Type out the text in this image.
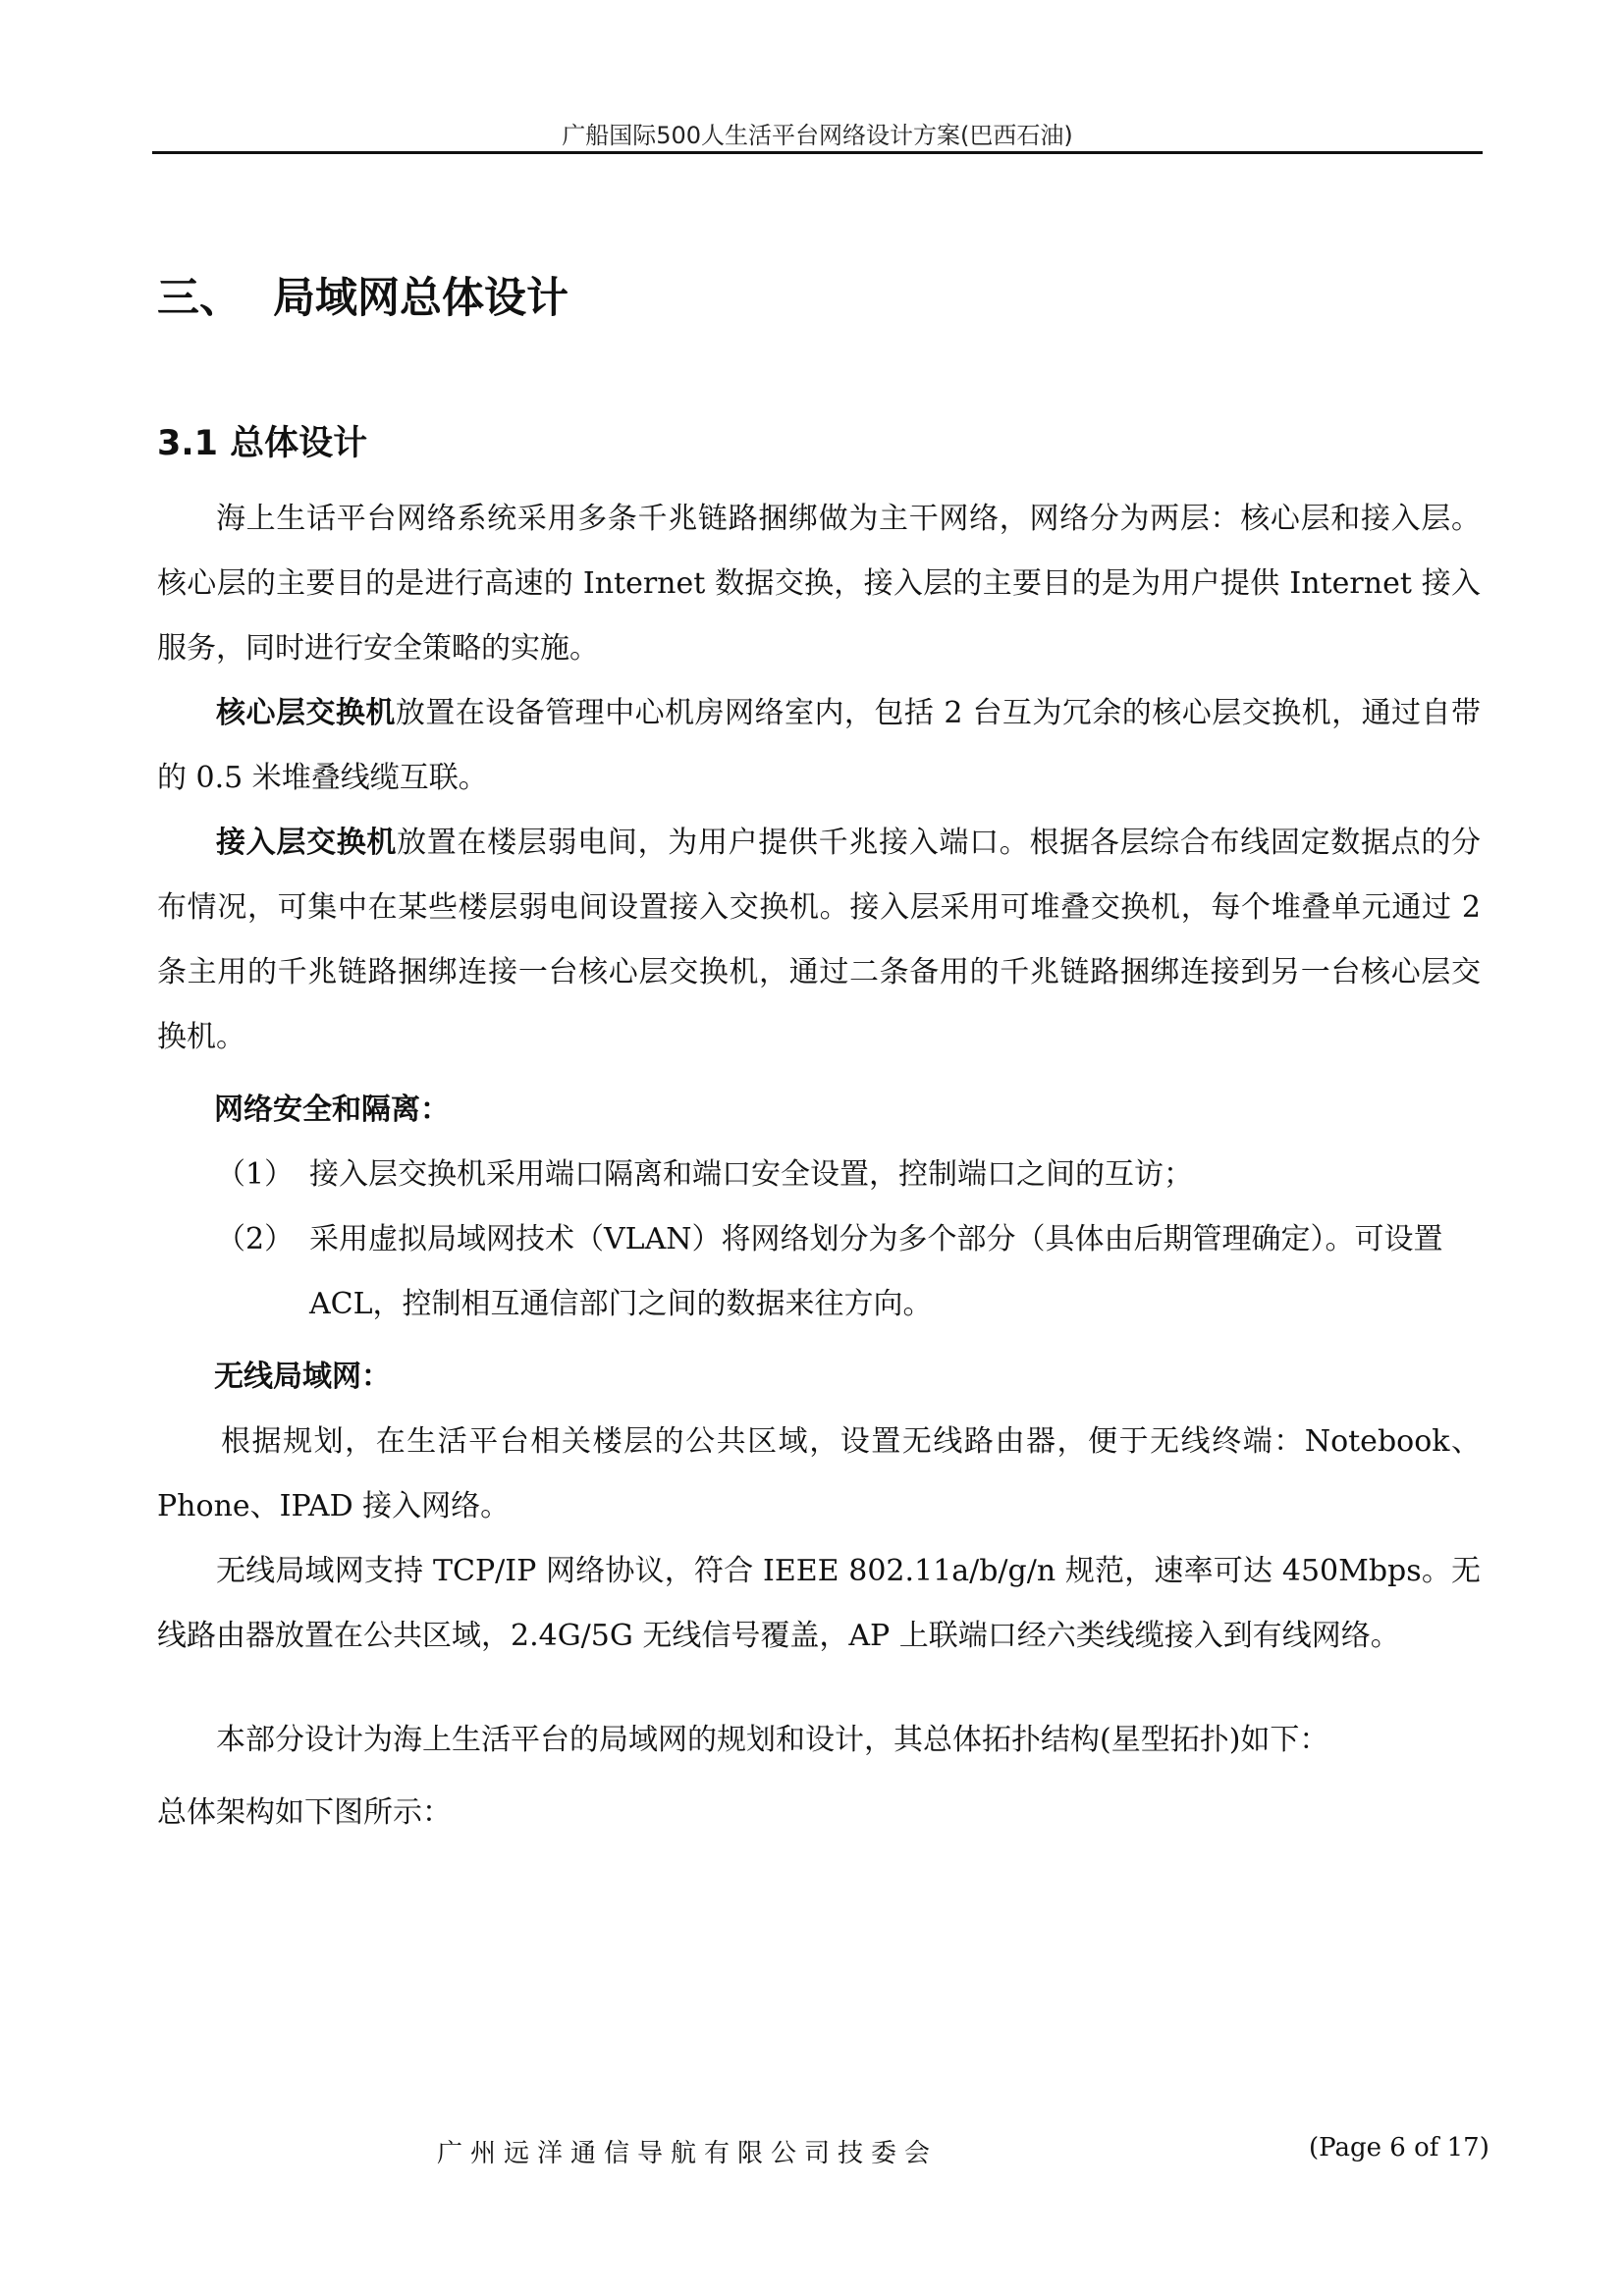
广船国际500人生活平台网络设计方案(巴西石油)
三、 局域网总体设计
3.1 总体设计

海上生话平台网络系统采用多条千兆链路捆绑做为主干网络，网络分为两层：核心层和接入层。核心层的主要目的是进行高速的 Internet 数据交换，接入层的主要目的是为用户提供 Internet 接入服务，同时进行安全策略的实施。

核心层交换机放置在设备管理中心机房网络室内，包括 2 台互为冗余的核心层交换机，通过自带的 0.5 米堆叠线缆互联。

接入层交换机放置在楼层弱电间，为用户提供千兆接入端口。根据各层综合布线固定数据点的分布情况，可集中在某些楼层弱电间设置接入交换机。接入层采用可堆叠交换机，每个堆叠单元通过 2 条主用的千兆链路捆绑连接一台核心层交换机，通过二条备用的千兆链路捆绑连接到另一台核心层交换机。

网络安全和隔离：

（1） 接入层交换机采用端口隔离和端口安全设置，控制端口之间的互访；

（2） 采用虚拟局域网技术（VLAN）将网络划分为多个部分（具体由后期管理确定）。可设置 ACL，控制相互通信部门之间的数据来往方向。

无线局域网：

根据规划，在生活平台相关楼层的公共区域，设置无线路由器，便于无线终端：Notebook、Phone、IPAD 接入网络。

无线局域网支持 TCP/IP 网络协议，符合 IEEE 802.11a/b/g/n 规范，速率可达 450Mbps。无线路由器放置在公共区域，2.4G/5G 无线信号覆盖，AP 上联端口经六类线缆接入到有线网络。

本部分设计为海上生活平台的局域网的规划和设计，其总体拓扑结构(星型拓扑)如下：

总体架构如下图所示：

广州远洋通信导航有限公司技委会	(Page 6 of 17)
